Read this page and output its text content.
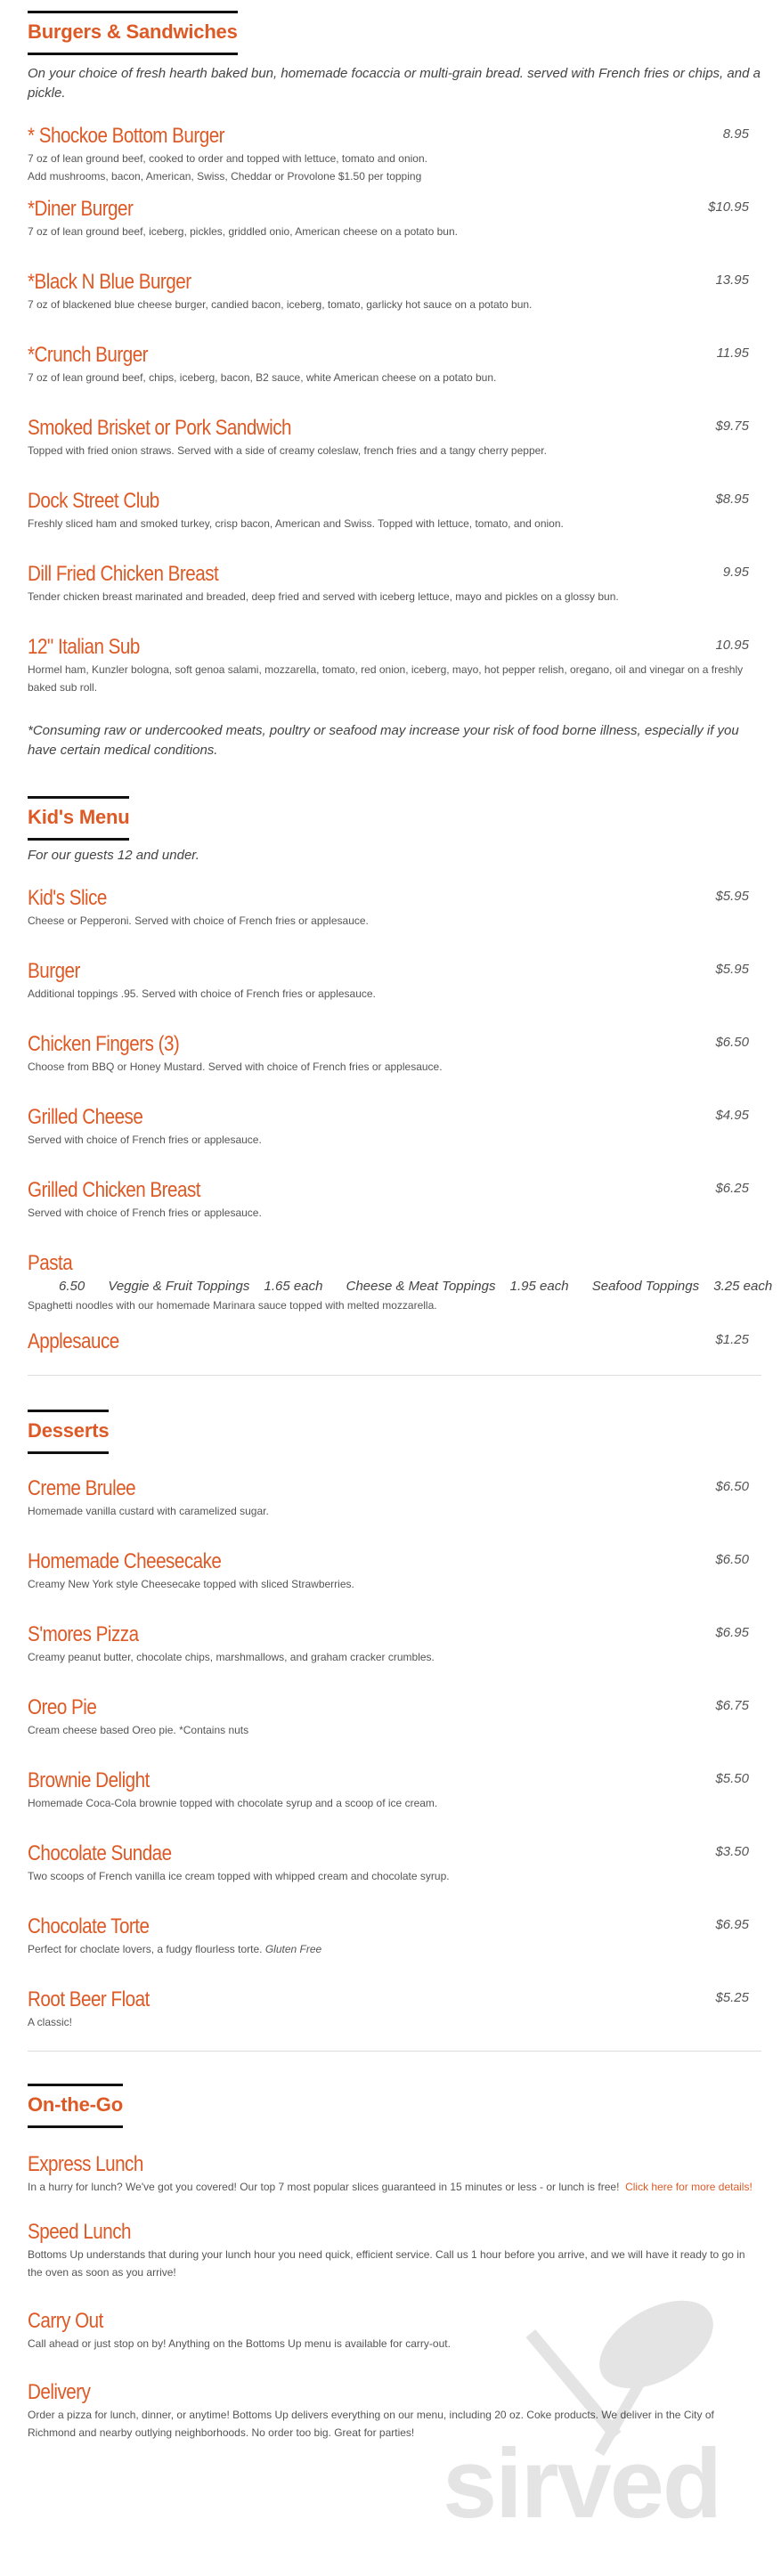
Burgers & Sandwiches
On your choice of fresh hearth baked bun, homemade focaccia or multi-grain bread. served with French fries or chips, and a pickle.
* Shockoe Bottom Burger	8.95
7 oz of lean ground beef, cooked to order and topped with lettuce, tomato and onion.
Add mushrooms, bacon, American, Swiss, Cheddar or Provolone $1.50 per topping
*Diner Burger	$10.95
7 oz of lean ground beef, iceberg, pickles, griddled onio, American cheese on a potato bun.
*Black N Blue Burger	13.95
7 oz of blackened blue cheese burger, candied bacon, iceberg, tomato, garlicky hot sauce on a potato bun.
*Crunch Burger	11.95
7 oz of lean ground beef, chips, iceberg, bacon, B2 sauce, white American cheese on a potato bun.
Smoked Brisket or Pork Sandwich	$9.75
Topped with fried onion straws. Served with a side of creamy coleslaw, french fries and a tangy cherry pepper.
Dock Street Club	$8.95
Freshly sliced ham and smoked turkey, crisp bacon, American and Swiss. Topped with lettuce, tomato, and onion.
Dill Fried Chicken Breast	9.95
Tender chicken breast marinated and breaded, deep fried and served with iceberg lettuce, mayo and pickles on a glossy bun.
12" Italian Sub	10.95
Hormel ham, Kunzler bologna, soft genoa salami, mozzarella, tomato, red onion, iceberg, mayo, hot pepper relish, oregano, oil and vinegar on a freshly baked sub roll.
*Consuming raw or undercooked meats, poultry or seafood may increase your risk of food borne illness, especially if you have certain medical conditions.
Kid's Menu
For our guests 12 and under.
Kid's Slice	$5.95
Cheese or Pepperoni. Served with choice of French fries or applesauce.
Burger	$5.95
Additional toppings .95. Served with choice of French fries or applesauce.
Chicken Fingers (3)	$6.50
Choose from BBQ or Honey Mustard. Served with choice of French fries or applesauce.
Grilled Cheese	$4.95
Served with choice of French fries or applesauce.
Grilled Chicken Breast	$6.25
Served with choice of French fries or applesauce.
Pasta
6.50 Veggie & Fruit Toppings 1.65 each Cheese & Meat Toppings 1.95 each Seafood Toppings 3.25 each
Spaghetti noodles with our homemade Marinara sauce topped with melted mozzarella.
Applesauce	$1.25
Desserts
Creme Brulee	$6.50
Homemade vanilla custard with caramelized sugar.
Homemade Cheesecake	$6.50
Creamy New York style Cheesecake topped with sliced Strawberries.
S'mores Pizza	$6.95
Creamy peanut butter, chocolate chips, marshmallows, and graham cracker crumbles.
Oreo Pie	$6.75
Cream cheese based Oreo pie. *Contains nuts
Brownie Delight	$5.50
Homemade Coca-Cola brownie topped with chocolate syrup and a scoop of ice cream.
Chocolate Sundae	$3.50
Two scoops of French vanilla ice cream topped with whipped cream and chocolate syrup.
Chocolate Torte	$6.95
Perfect for choclate lovers, a fudgy flourless torte. Gluten Free
Root Beer Float	$5.25
A classic!
On-the-Go
Express Lunch
In a hurry for lunch? We've got you covered! Our top 7 most popular slices guaranteed in 15 minutes or less - or lunch is free! Click here for more details!
Speed Lunch
Bottoms Up understands that during your lunch hour you need quick, efficient service. Call us 1 hour before you arrive, and we will have it ready to go in the oven as soon as you arrive!
Carry Out
Call ahead or just stop on by! Anything on the Bottoms Up menu is available for carry-out.
Delivery
Order a pizza for lunch, dinner, or anytime! Bottoms Up delivers everything on our menu, including 20 oz. Coke products. We deliver in the City of Richmond and nearby outlying neighborhoods. No order too big. Great for parties! sirved
